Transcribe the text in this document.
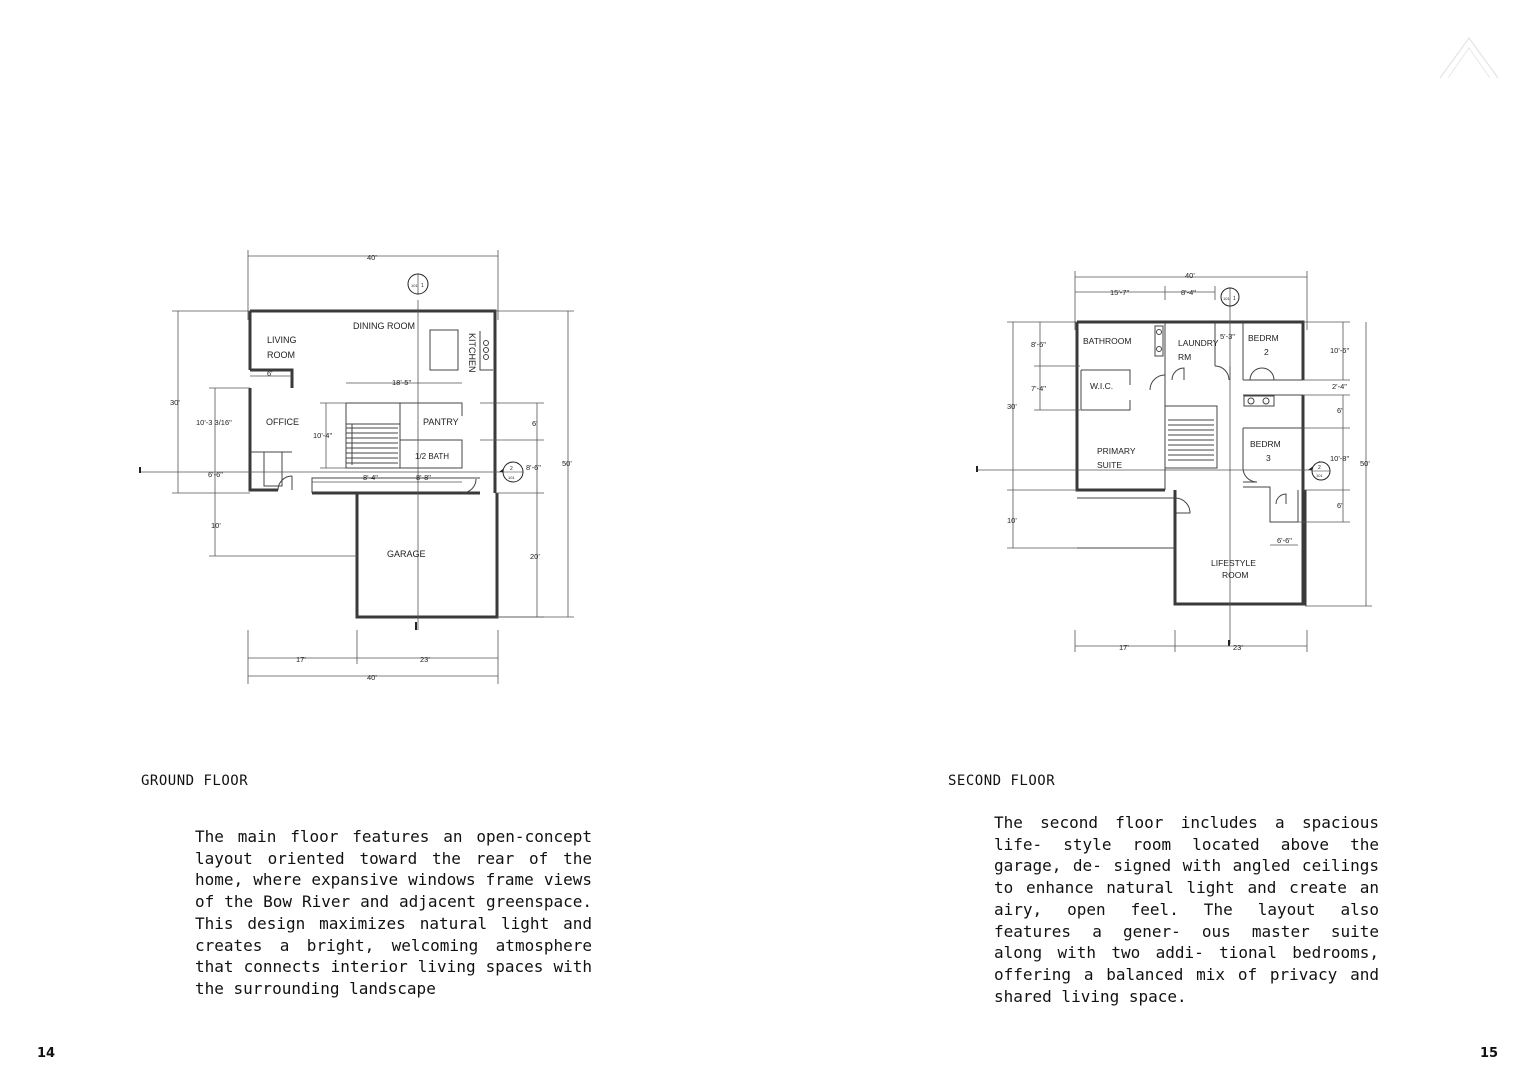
1
101
2
101
LIVING
ROOM
DINING ROOM
KITCHEN
OFFICE	PANTRY
1/2 BATH
GARAGE
40'
40'
30'
10'-3 3/16"
6'
18'-5"
10'-4"
6'-6"	8'-4"	8'-8"
6'
8'-6"	50'
10'
20'
17'	23'
1
101
2
101
BATHROOM	LAUNDRY
RM
BEDRM
2
W.I.C.
PRIMARY
SUITE
BEDRM
3
LIFESTYLE
ROOM
40'
15'-7"	8'-4"
5'-3"
8'-6"
7'-4"
30'
10'
10'-6"
2'-4"
6'
10'-8"
50'
6'
6'-6"
17'	23'
GROUND FLOOR	SECOND FLOOR
The main floor features an open-concept layout oriented toward the rear of the home, where expansive windows frame views of the Bow River and adjacent greenspace. This design maximizes natural light and creates a bright, welcoming atmosphere that connects interior living spaces with the surrounding landscape
The second floor includes a spacious life- style room located above the garage, de- signed with angled ceilings to enhance natural light and create an airy, open feel. The layout also features a gener- ous master suite along with two addi- tional bedrooms, offering a balanced mix of privacy and shared living space.
14	15
